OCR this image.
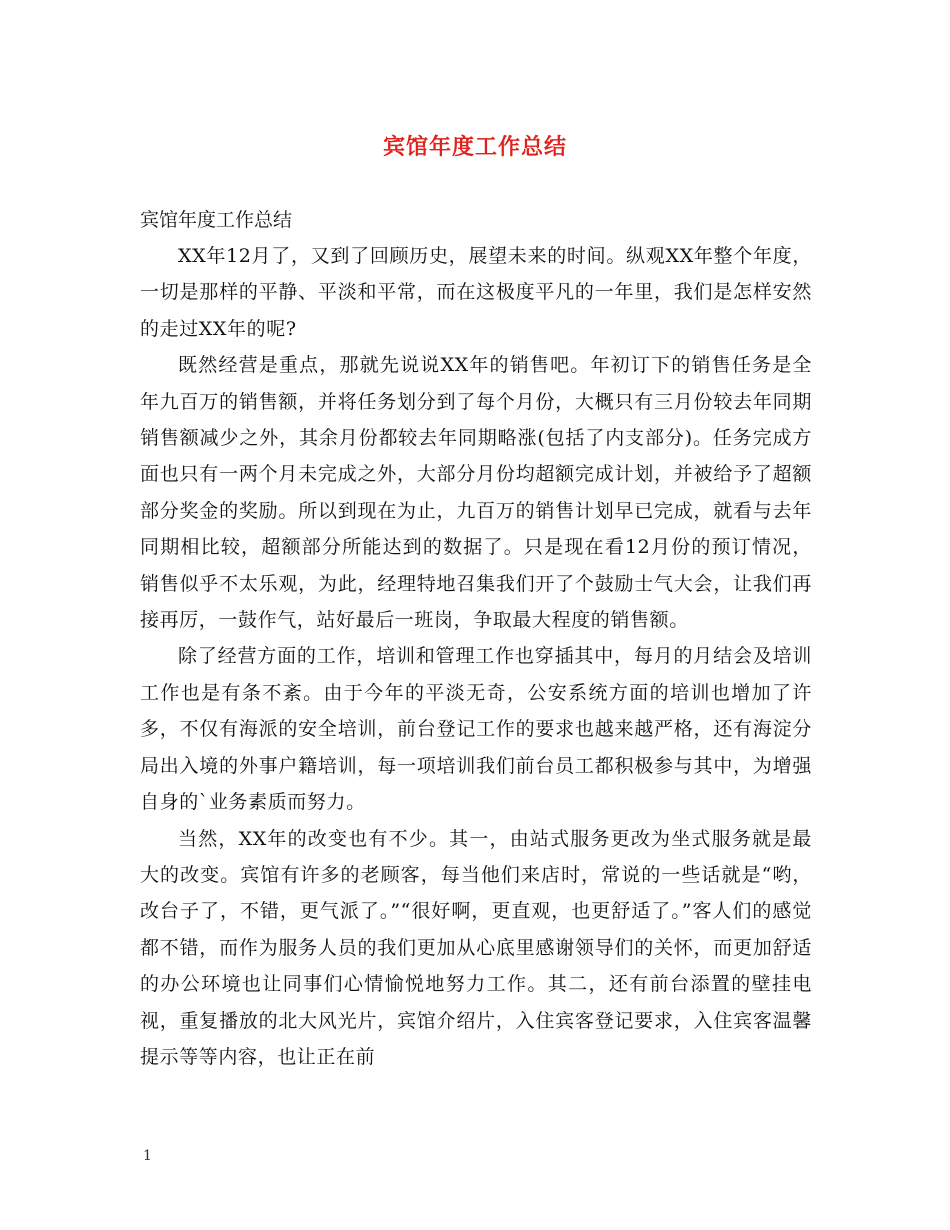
宾馆年度工作总结

宾馆年度工作总结

XX年12月了，又到了回顾历史，展望未来的时间。纵观XX年整个年度，一切是那样的平静、平淡和平常，而在这极度平凡的一年里，我们是怎样安然的走过XX年的呢?

既然经营是重点，那就先说说XX年的销售吧。年初订下的销售任务是全年九百万的销售额，并将任务划分到了每个月份，大概只有三月份较去年同期销售额减少之外，其余月份都较去年同期略涨(包括了内支部分)。任务完成方面也只有一两个月未完成之外，大部分月份均超额完成计划，并被给予了超额部分奖金的奖励。所以到现在为止，九百万的销售计划早已完成，就看与去年同期相比较，超额部分所能达到的数据了。只是现在看12月份的预订情况，销售似乎不太乐观，为此，经理特地召集我们开了个鼓励士气大会，让我们再接再厉，一鼓作气，站好最后一班岗，争取最大程度的销售额。

除了经营方面的工作，培训和管理工作也穿插其中，每月的月结会及培训工作也是有条不紊。由于今年的平淡无奇，公安系统方面的培训也增加了许多，不仅有海派的安全培训，前台登记工作的要求也越来越严格，还有海淀分局出入境的外事户籍培训，每一项培训我们前台员工都积极参与其中，为增强自身的`业务素质而努力。

当然，XX年的改变也有不少。其一，由站式服务更改为坐式服务就是最大的改变。宾馆有许多的老顾客，每当他们来店时，常说的一些话就是“哟，改台子了，不错，更气派了。”“很好啊，更直观，也更舒适了。”客人们的感觉都不错，而作为服务人员的我们更加从心底里感谢领导们的关怀，而更加舒适的办公环境也让同事们心情愉悦地努力工作。其二，还有前台添置的壁挂电视，重复播放的北大风光片，宾馆介绍片，入住宾客登记要求，入住宾客温馨提示等等内容，也让正在前

1
